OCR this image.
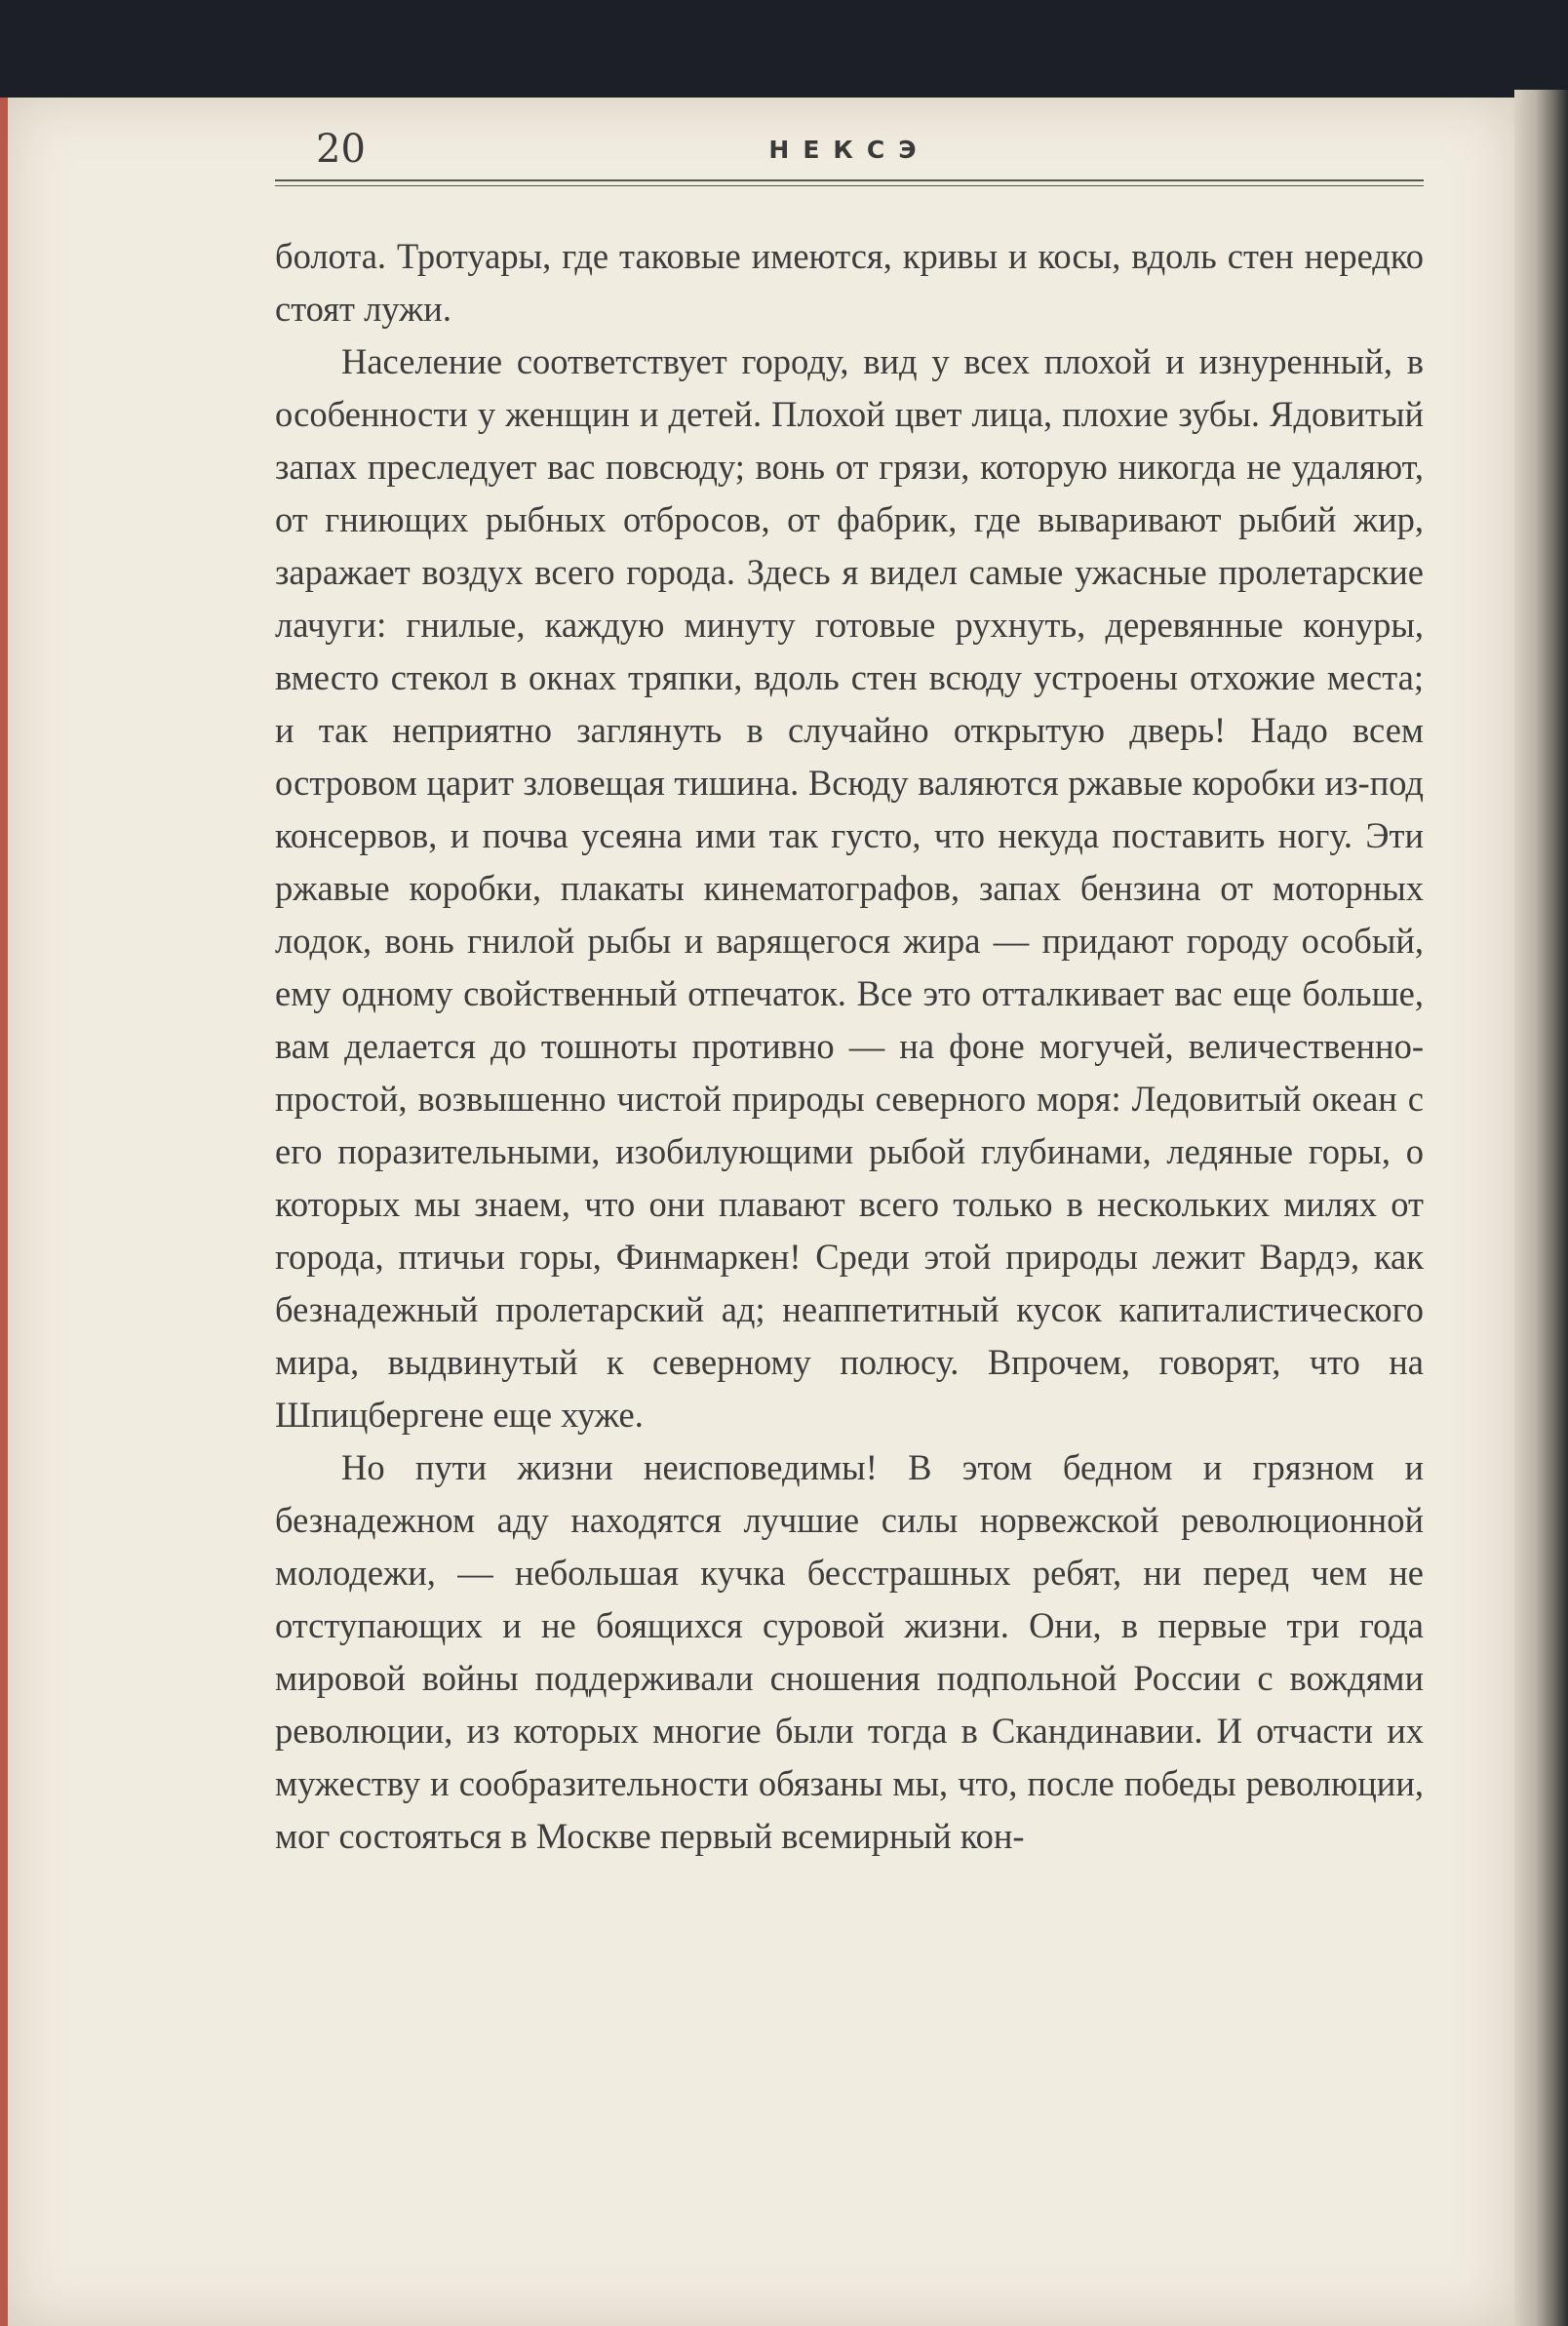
20	НЕКСЭ

болота. Тротуары, где таковые имеются, кривы и косы, вдоль стен нередко стоят лужи.

Население соответствует городу, вид у всех плохой и изнуренный, в особенности у женщин и детей. Плохой цвет лица, плохие зубы. Ядовитый запах преследует вас повсюду; вонь от грязи, которую никогда не удаляют, от гниющих рыбных отбросов, от фабрик, где вываривают рыбий жир, заражает воздух всего города. Здесь я видел самые ужасные пролетарские лачуги: гнилые, каждую минуту готовые рухнуть, деревянные конуры, вместо стекол в окнах тряпки, вдоль стен всюду устроены отхожие места; и так неприятно заглянуть в случайно открытую дверь! Надо всем островом царит зловещая тишина. Всюду валяются ржавые коробки из-под консервов, и почва усеяна ими так густо, что некуда поставить ногу. Эти ржавые коробки, плакаты кинематографов, запах бензина от моторных лодок, вонь гнилой рыбы и варящегося жира — придают городу особый, ему одному свойственный отпечаток. Все это отталкивает вас еще больше, вам делается до тошноты противно — на фоне могучей, величественно-простой, возвышенно чистой природы северного моря: Ледовитый океан с его поразительными, изобилующими рыбой глубинами, ледяные горы, о которых мы знаем, что они плавают всего только в нескольких милях от города, птичьи горы, Финмаркен! Среди этой природы лежит Вардэ, как безнадежный пролетарский ад; неаппетитный кусок капиталистического мира, выдвинутый к северному полюсу. Впрочем, говорят, что на Шпицбергене еще хуже.

Но пути жизни неисповедимы! В этом бедном и грязном и безнадежном аду находятся лучшие силы норвежской революционной молодежи, — небольшая кучка бесстрашных ребят, ни перед чем не отступающих и не боящихся суровой жизни. Они, в первые три года мировой войны поддерживали сношения подпольной России с вождями революции, из которых многие были тогда в Скандинавии. И отчасти их мужеству и сообразительности обязаны мы, что, после победы революции, мог состояться в Москве первый всемирный кон-
